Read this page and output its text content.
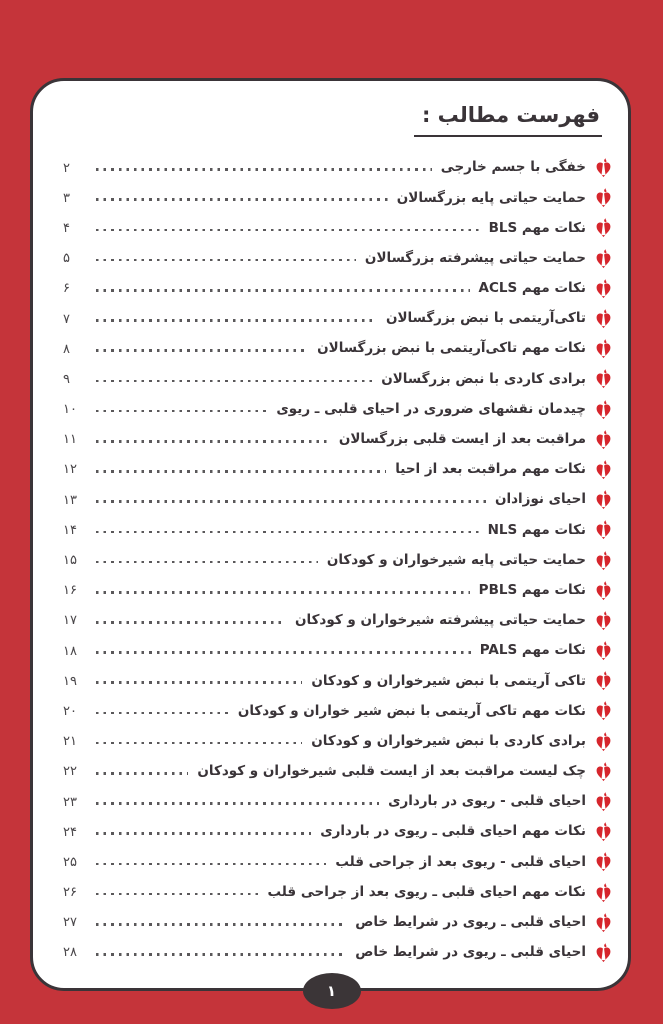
فهرست مطالب :
خفگی با جسم خارجی
۲
حمایت حیاتی پایه بزرگسالان
۳
نکات مهم BLS
۴
حمایت حیاتی پیشرفته بزرگسالان
۵
نکات مهم ACLS
۶
تاکی‌آریتمی با نبض بزرگسالان
۷
نکات مهم تاکی‌آریتمی با نبض بزرگسالان
۸
برادی کاردی با نبض بزرگسالان
۹
چیدمان نقشهای ضروری در احیای قلبی ـ ریوی
۱۰
مراقبت بعد از ایست قلبی بزرگسالان
۱۱
نکات مهم مراقبت بعد از احیا
۱۲
احیای نوزادان
۱۳
نکات مهم NLS
۱۴
حمایت حیاتی پایه شیرخواران و کودکان
۱۵
نکات مهم PBLS
۱۶
حمایت حیاتی پیشرفته شیرخواران و کودکان
۱۷
نکات مهم PALS
۱۸
تاکی آریتمی با نبض شیرخواران و کودکان
۱۹
نکات مهم تاکی آریتمی با نبض شیر خواران و کودکان
۲۰
برادی کاردی با نبض شیرخواران و کودکان
۲۱
چک لیست مراقبت بعد از ایست قلبی شیرخواران و کودکان
۲۲
احیای قلبی - ریوی در بارداری
۲۳
نکات مهم احیای قلبی ـ ریوی در بارداری
۲۴
احیای قلبی - ریوی بعد از جراحی قلب
۲۵
نکات مهم احیای قلبی ـ ریوی بعد از جراحی قلب
۲۶
احیای قلبی ـ ریوی در شرایط خاص
۲۷
احیای قلبی ـ ریوی در شرایط خاص
۲۸
۱
